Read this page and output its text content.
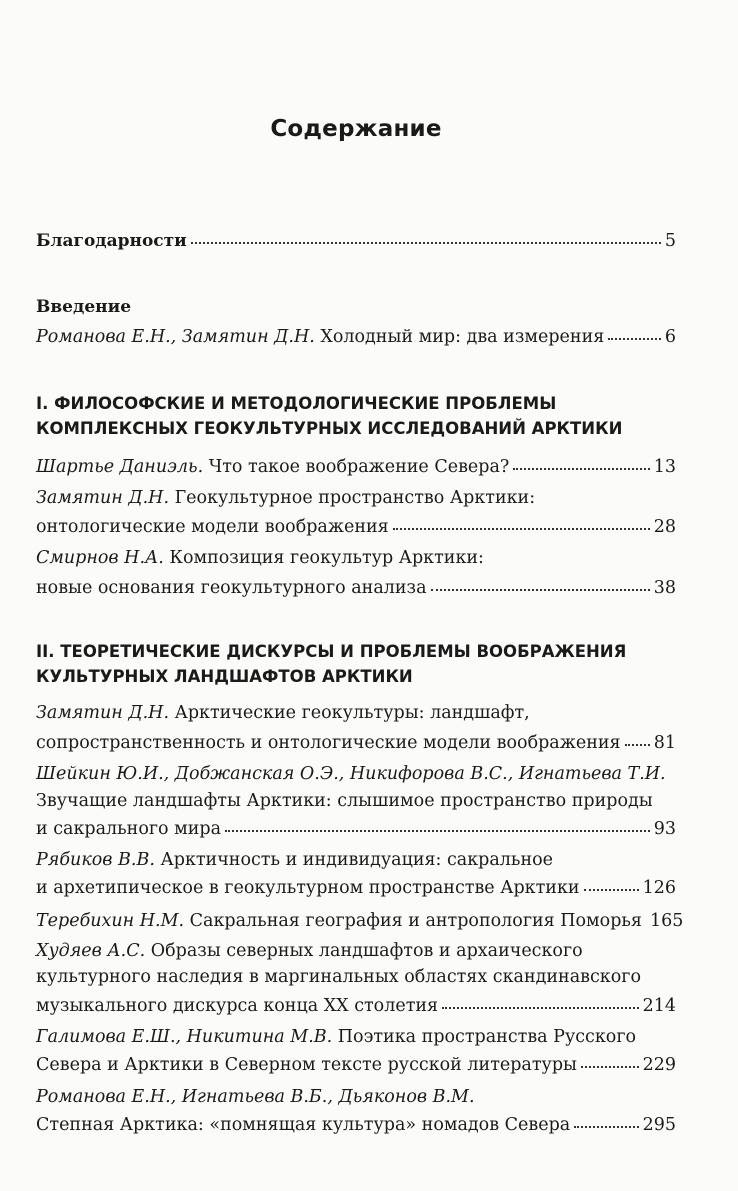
Содержание
Благодарности	5
Введение
Романова Е.Н., Замятин Д.Н. Холодный мир: два измерения	6
I. ФИЛОСОФСКИЕ И МЕТОДОЛОГИЧЕСКИЕ ПРОБЛЕМЫ
КОМПЛЕКСНЫХ ГЕОКУЛЬТУРНЫХ ИССЛЕДОВАНИЙ АРКТИКИ
Шартье Даниэль. Что такое воображение Севера?	13
Замятин Д.Н. Геокультурное пространство Арктики:
онтологические модели воображения	28
Смирнов Н.А. Композиция геокультур Арктики:
новые основания геокультурного анализа	38
II. ТЕОРЕТИЧЕСКИЕ ДИСКУРСЫ И ПРОБЛЕМЫ ВООБРАЖЕНИЯ
КУЛЬТУРНЫХ ЛАНДШАФТОВ АРКТИКИ
Замятин Д.Н. Арктические геокультуры: ландшафт,
сопространственность и онтологические модели воображения 81
Шейкин Ю.И., Добжанская О.Э., Никифорова В.С., Игнатьева Т.И.
Звучащие ландшафты Арктики: слышимое пространство природы
и сакрального мира	93
Рябиков В.В. Арктичность и индивидуация: сакральное
и архетипическое в геокультурном пространстве Арктики	126
Теребихин Н.М. Сакральная география и антропология Поморья 165
Худяев А.С. Образы северных ландшафтов и архаического
культурного наследия в маргинальных областях скандинавского
музыкального дискурса конца XX столетия	214
Галимова Е.Ш., Никитина М.В. Поэтика пространства Русского
Севера и Арктики в Северном тексте русской литературы	229
Романова Е.Н., Игнатьева В.Б., Дьяконов В.М.
Степная Арктика: «помнящая культура» номадов Севера	295
